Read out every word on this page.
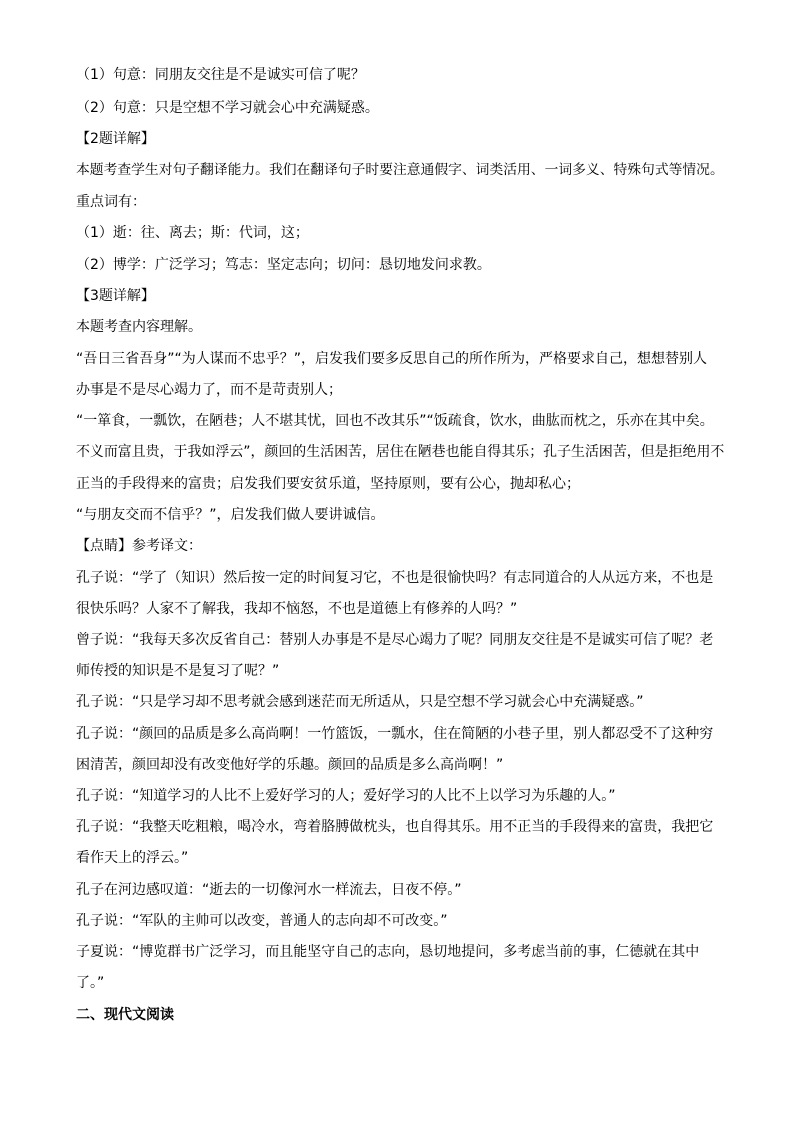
（1）句意：同朋友交往是不是诚实可信了呢？
（2）句意：只是空想不学习就会心中充满疑惑。
【2题详解】
本题考查学生对句子翻译能力。我们在翻译句子时要注意通假字、词类活用、一词多义、特殊句式等情况。
重点词有：
（1）逝：往、离去；斯：代词，这；
（2）博学：广泛学习；笃志：坚定志向；切问：恳切地发问求教。
【3题详解】
本题考查内容理解。
“吾日三省吾身”“为人谋而不忠乎？”，启发我们要多反思自己的所作所为，严格要求自己，想想替别人
办事是不是尽心竭力了，而不是苛责别人；
“一箪食，一瓢饮，在陋巷；人不堪其忧，回也不改其乐”“饭疏食，饮水，曲肱而枕之，乐亦在其中矣。
不义而富且贵，于我如浮云”，颜回的生活困苦，居住在陋巷也能自得其乐；孔子生活困苦，但是拒绝用不
正当的手段得来的富贵；启发我们要安贫乐道，坚持原则，要有公心，抛却私心；
“与朋友交而不信乎？”，启发我们做人要讲诚信。
【点睛】参考译文：
孔子说：“学了（知识）然后按一定的时间复习它，不也是很愉快吗？有志同道合的人从远方来，不也是
很快乐吗？人家不了解我，我却不恼怒，不也是道德上有修养的人吗？”
曾子说：“我每天多次反省自己：替别人办事是不是尽心竭力了呢？同朋友交往是不是诚实可信了呢？老
师传授的知识是不是复习了呢？”
孔子说：“只是学习却不思考就会感到迷茫而无所适从，只是空想不学习就会心中充满疑惑。”
孔子说：“颜回的品质是多么高尚啊！一竹篮饭，一瓢水，住在简陋的小巷子里，别人都忍受不了这种穷
困清苦，颜回却没有改变他好学的乐趣。颜回的品质是多么高尚啊！”
孔子说：“知道学习的人比不上爱好学习的人；爱好学习的人比不上以学习为乐趣的人。”
孔子说：“我整天吃粗粮，喝冷水，弯着胳膊做枕头，也自得其乐。用不正当的手段得来的富贵，我把它
看作天上的浮云。”
孔子在河边感叹道：“逝去的一切像河水一样流去，日夜不停。”
孔子说：“军队的主帅可以改变，普通人的志向却不可改变。”
子夏说：“博览群书广泛学习，而且能坚守自己的志向，恳切地提问，多考虑当前的事，仁德就在其中
了。”
二、现代文阅读
